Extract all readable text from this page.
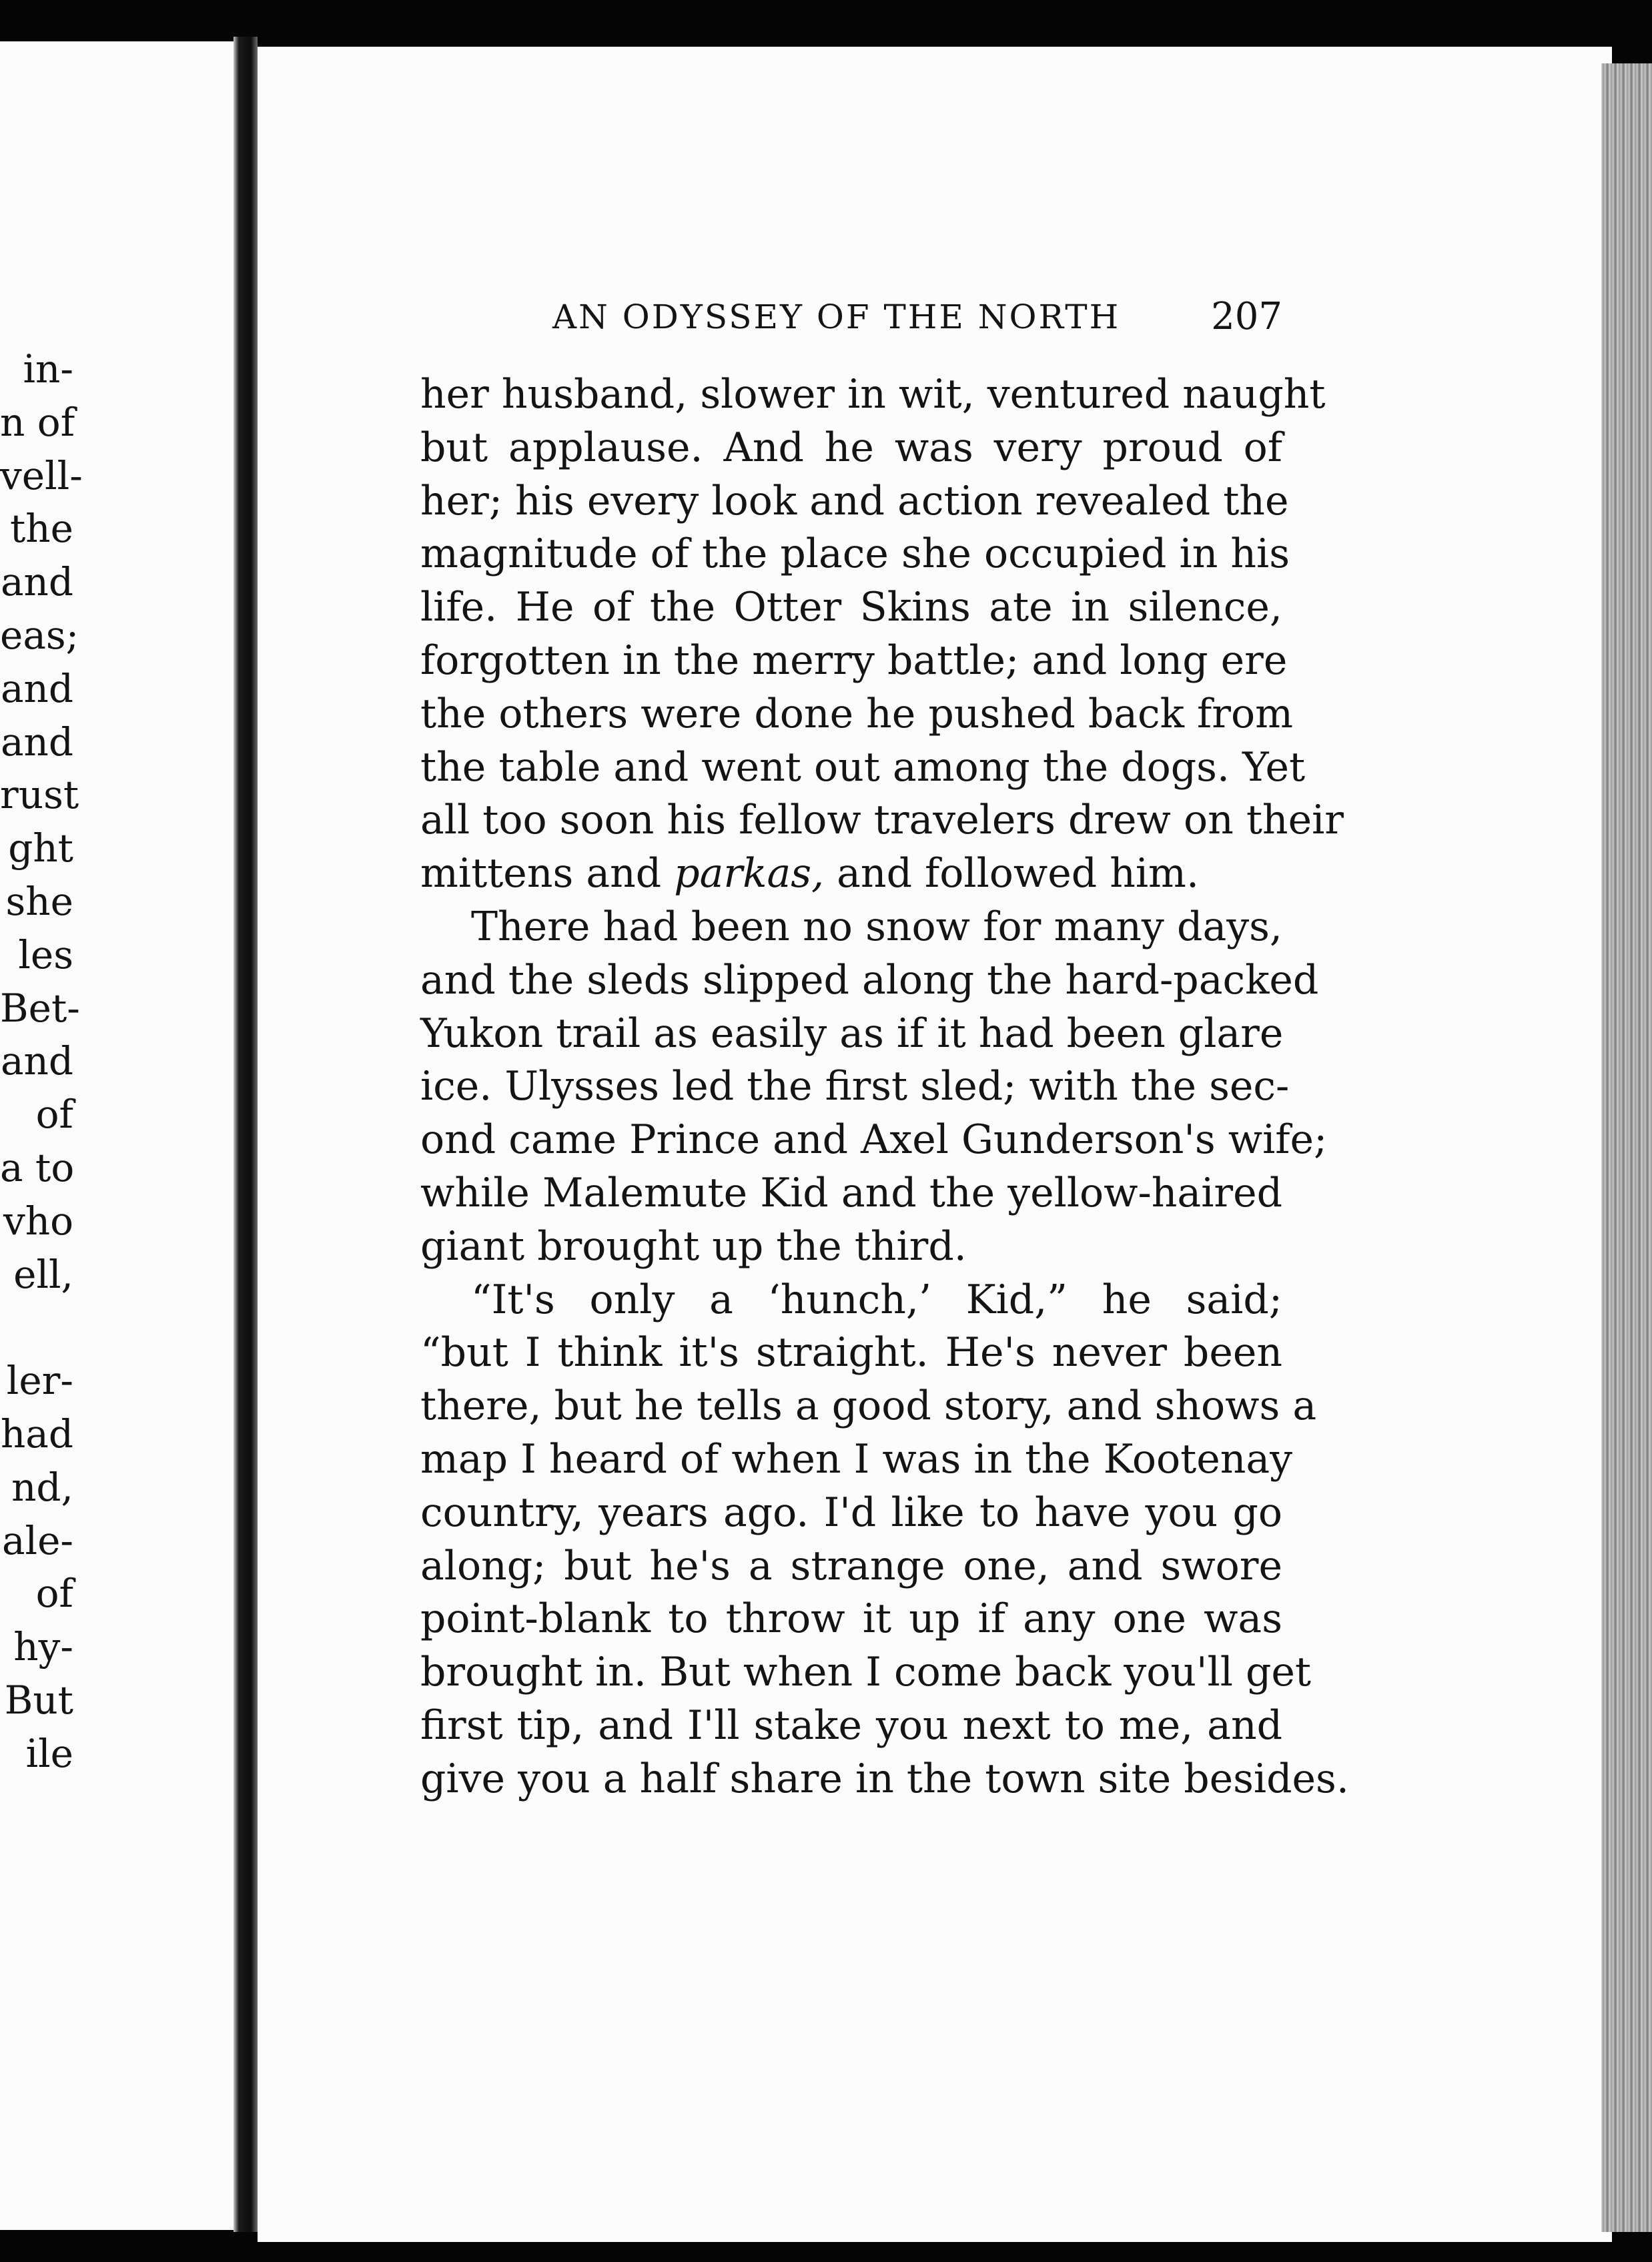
in-
n of
vell-
the
and
eas;
and
and
rust
ght
she
les
Bet-
and
of
a to
vho
ell,
ler-
had
nd,
ale-
of
hy-
But
ile
AN ODYSSEY OF THE NORTH 207
her husband, slower in wit, ventured naught
but applause. And he was very proud of
her; his every look and action revealed the
magnitude of the place she occupied in his
life. He of the Otter Skins ate in silence,
forgotten in the merry battle; and long ere
the others were done he pushed back from
the table and went out among the dogs. Yet
all too soon his fellow travelers drew on their
mittens and parkas, and followed him.
There had been no snow for many days,
and the sleds slipped along the hard-packed
Yukon trail as easily as if it had been glare
ice. Ulysses led the first sled; with the sec-
ond came Prince and Axel Gunderson's wife;
while Malemute Kid and the yellow-haired
giant brought up the third.
“It's only a ‘hunch,’ Kid,” he said;
“but I think it's straight. He's never been
there, but he tells a good story, and shows a
map I heard of when I was in the Kootenay
country, years ago. I'd like to have you go
along; but he's a strange one, and swore
point-blank to throw it up if any one was
brought in. But when I come back you'll get
first tip, and I'll stake you next to me, and
give you a half share in the town site besides.
